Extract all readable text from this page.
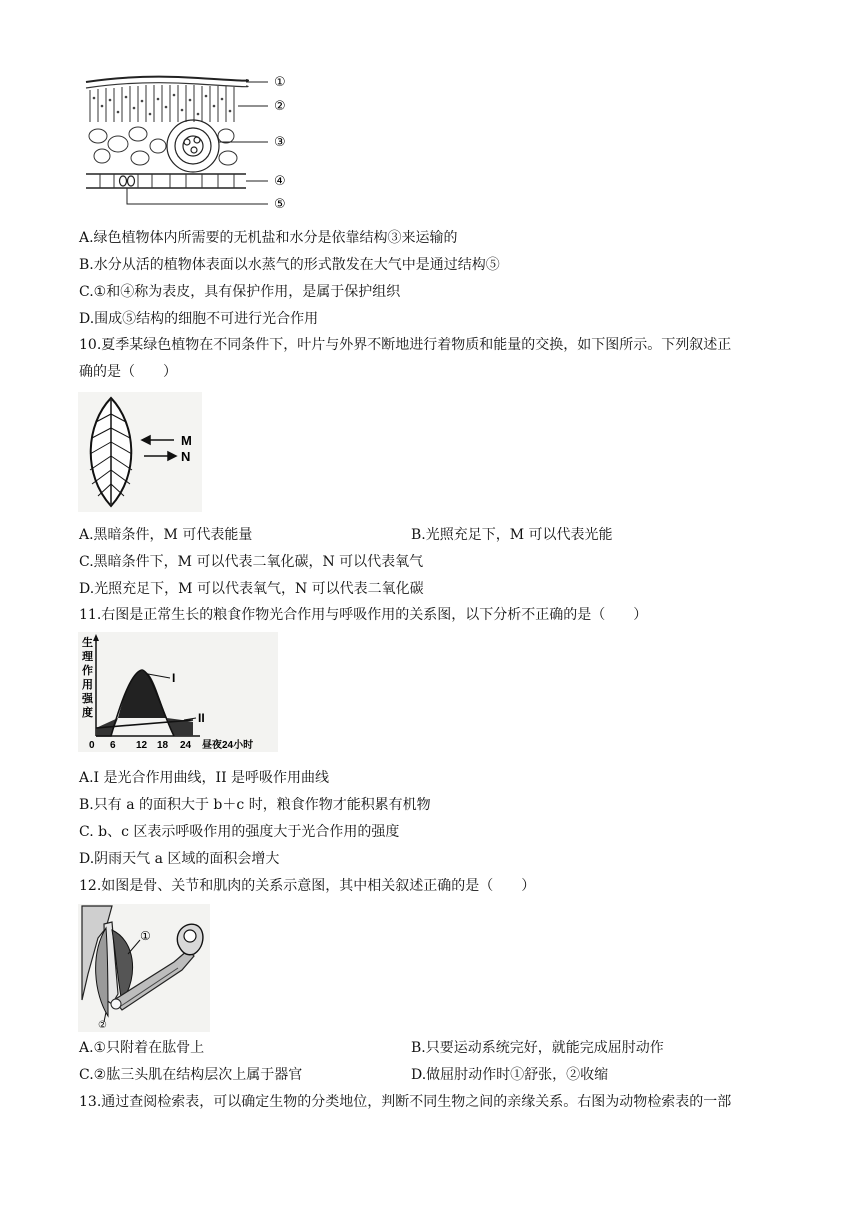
①
②
③
④
⑤
A.绿色植物体内所需要的无机盐和水分是依靠结构③来运输的
B.水分从活的植物体表面以水蒸气的形式散发在大气中是通过结构⑤
C.①和④称为表皮，具有保护作用，是属于保护组织
D.围成⑤结构的细胞不可进行光合作用
10.夏季某绿色植物在不同条件下，叶片与外界不断地进行着物质和能量的交换，如下图所示。下列叙述正
确的是（　　）
M
N
A.黑暗条件，M 可代表能量	B.光照充足下，M 可以代表光能
C.黑暗条件下，M 可以代表二氧化碳，N 可以代表氧气
D.光照充足下，M 可以代表氧气，N 可以代表二氧化碳
11.右图是正常生长的粮食作物光合作用与呼吸作用的关系图，以下分析不正确的是（　　）
生
理
作
用
强
度
I
II
0 6 12 18 24 昼夜24小时
A.I 是光合作用曲线，II 是呼吸作用曲线
B.只有 a 的面积大于 b＋c 时，粮食作物才能积累有机物
C. b、c 区表示呼吸作用的强度大于光合作用的强度
D.阴雨天气 a 区域的面积会增大
12.如图是骨、关节和肌肉的关系示意图，其中相关叙述正确的是（　　）
①
②
A.①只附着在肱骨上	B.只要运动系统完好，就能完成屈肘动作
C.②肱三头肌在结构层次上属于器官	D.做屈肘动作时①舒张，②收缩
13.通过查阅检索表，可以确定生物的分类地位，判断不同生物之间的亲缘关系。右图为动物检索表的一部
